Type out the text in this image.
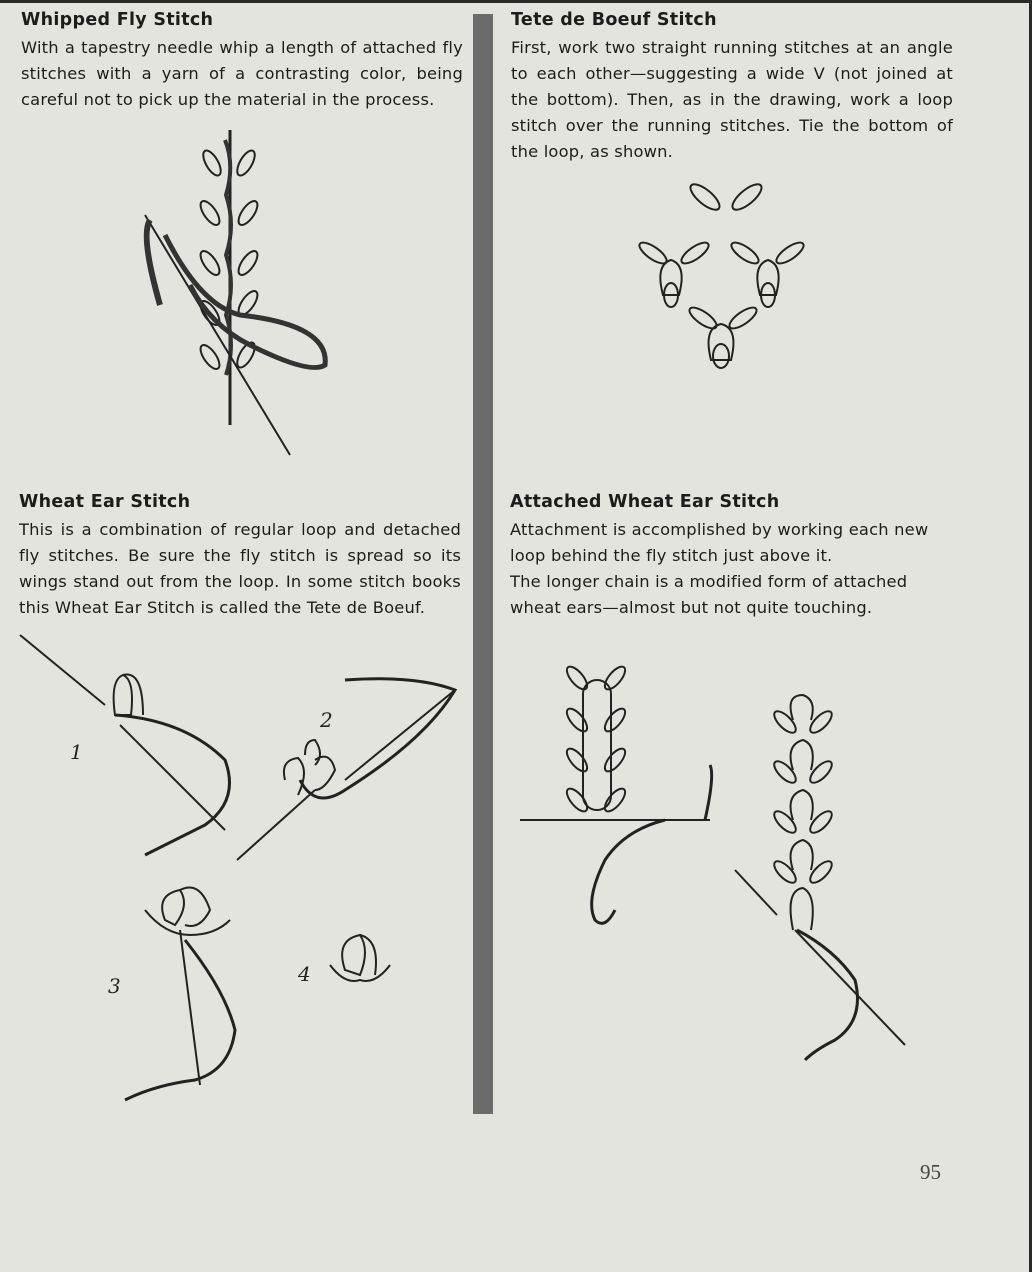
Whipped Fly Stitch
With a tapestry needle whip a length of attached fly stitches with a yarn of a contrasting color, being careful not to pick up the material in the process.
Tete de Boeuf Stitch
First, work two straight running stitches at an angle to each other—suggesting a wide V (not joined at the bottom). Then, as in the drawing, work a loop stitch over the running stitches. Tie the bottom of the loop, as shown.
Wheat Ear Stitch
This is a combination of regular loop and detached fly stitches. Be sure the fly stitch is spread so its wings stand out from the loop. In some stitch books this Wheat Ear Stitch is called the Tete de Boeuf.
Attached Wheat Ear Stitch

Attachment is accomplished by working each new loop behind the fly stitch just above it.

The longer chain is a modified form of attached wheat ears—almost but not quite touching.

1
2
3	4
95
